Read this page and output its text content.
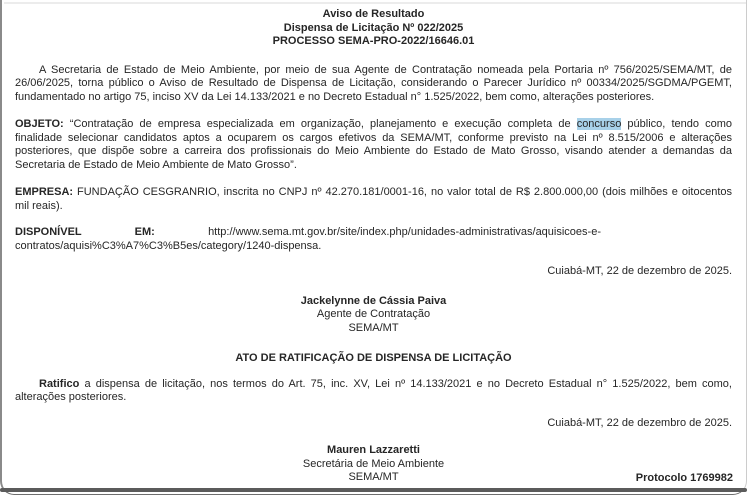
Aviso de Resultado
Dispensa de Licitação Nº 022/2025
PROCESSO SEMA-PRO-2022/16646.01

A Secretaria de Estado de Meio Ambiente, por meio de sua Agente de Contratação nomeada pela Portaria nº 756/2025/SEMA/MT, de 26/06/2025, torna público o Aviso de Resultado de Dispensa de Licitação, considerando o Parecer Jurídico nº 00334/2025/SGDMA/PGEMT, fundamentado no artigo 75, inciso XV da Lei 14.133/2021 e no Decreto Estadual n° 1.525/2022, bem como, alterações posteriores.

OBJETO: “Contratação de empresa especializada em organização, planejamento e execução completa de concurso público, tendo como finalidade selecionar candidatos aptos a ocuparem os cargos efetivos da SEMA/MT, conforme previsto na Lei nº 8.515/2006 e alterações posteriores, que dispõe sobre a carreira dos profissionais do Meio Ambiente do Estado de Mato Grosso, visando atender a demandas da Secretaria de Estado de Meio Ambiente de Mato Grosso”.

EMPRESA: FUNDAÇÃO CESGRANRIO, inscrita no CNPJ nº 42.270.181/0001-16, no valor total de R$ 2.800.000,00 (dois milhões e oitocentos mil reais).

DISPONÍVEL EM: http://www.sema.mt.gov.br/site/index.php/unidades-administrativas/aquisicoes-e-contratos/aquisi%C3%A7%C3%B5es/category/1240-dispensa.

Cuiabá-MT, 22 de dezembro de 2025.
Jackelynne de Cássia Paiva
Agente de Contratação
SEMA/MT
ATO DE RATIFICAÇÃO DE DISPENSA DE LICITAÇÃO

Ratifico a dispensa de licitação, nos termos do Art. 75, inc. XV, Lei nº 14.133/2021 e no Decreto Estadual n° 1.525/2022, bem como, alterações posteriores.

Cuiabá-MT, 22 de dezembro de 2025.
Mauren Lazzaretti
Secretária de Meio Ambiente
SEMA/MT	Protocolo 1769982
